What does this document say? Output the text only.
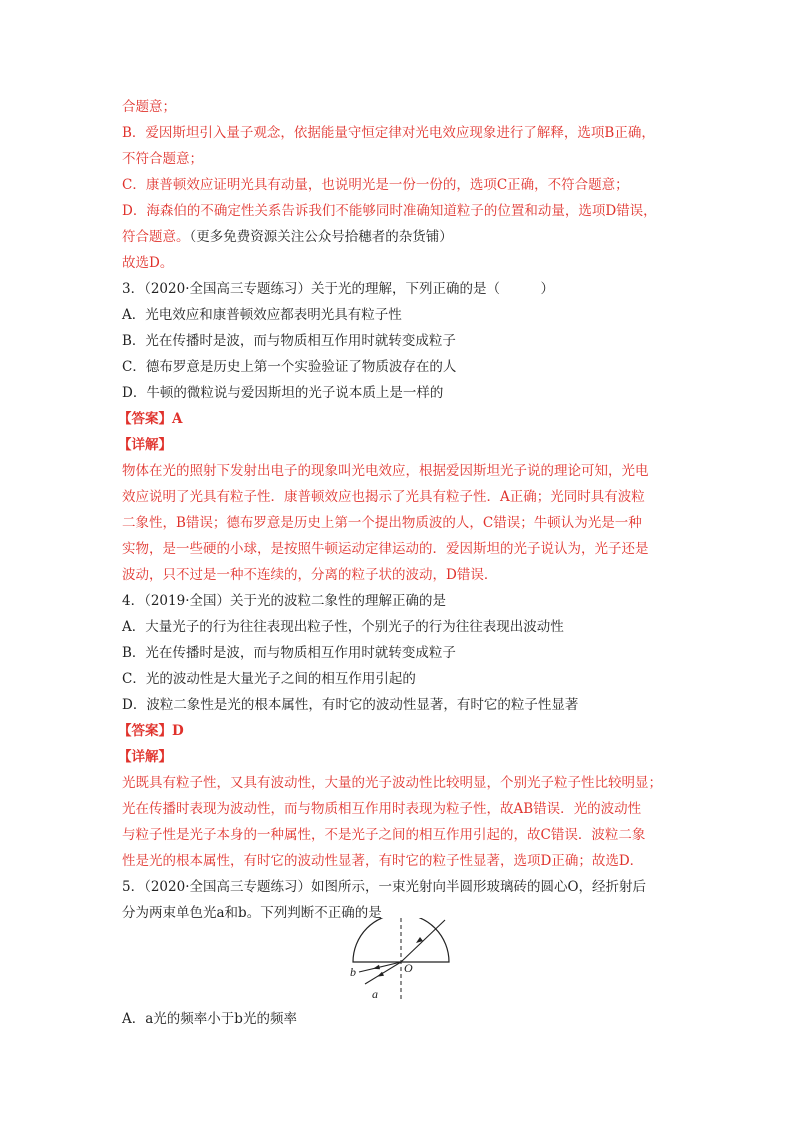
合题意；
B．爱因斯坦引入量子观念，依据能量守恒定律对光电效应现象进行了解释，选项B正确，
不符合题意；
C．康普顿效应证明光具有动量，也说明光是一份一份的，选项C正确，不符合题意；
D．海森伯的不确定性关系告诉我们不能够同时准确知道粒子的位置和动量，选项D错误，
符合题意。（更多免费资源关注公众号拾穗者的杂货铺）
故选D。
3．（2020·全国高三专题练习）关于光的理解，下列正确的是（　　　）
A．光电效应和康普顿效应都表明光具有粒子性
B．光在传播时是波，而与物质相互作用时就转变成粒子
C．德布罗意是历史上第一个实验验证了物质波存在的人
D．牛顿的微粒说与爱因斯坦的光子说本质上是一样的
【答案】A
【详解】
物体在光的照射下发射出电子的现象叫光电效应，根据爱因斯坦光子说的理论可知，光电
效应说明了光具有粒子性．康普顿效应也揭示了光具有粒子性．A正确；光同时具有波粒
二象性，B错误；德布罗意是历史上第一个提出物质波的人，C错误；牛顿认为光是一种
实物，是一些硬的小球，是按照牛顿运动定律运动的．爱因斯坦的光子说认为，光子还是
波动，只不过是一种不连续的，分离的粒子状的波动，D错误．
4．（2019·全国）关于光的波粒二象性的理解正确的是
A．大量光子的行为往往表现出粒子性，个别光子的行为往往表现出波动性
B．光在传播时是波，而与物质相互作用时就转变成粒子
C．光的波动性是大量光子之间的相互作用引起的
D．波粒二象性是光的根本属性，有时它的波动性显著，有时它的粒子性显著
【答案】D
【详解】
光既具有粒子性，又具有波动性，大量的光子波动性比较明显，个别光子粒子性比较明显；
光在传播时表现为波动性，而与物质相互作用时表现为粒子性，故AB错误．光的波动性
与粒子性是光子本身的一种属性，不是光子之间的相互作用引起的，故C错误．波粒二象
性是光的根本属性，有时它的波动性显著，有时它的粒子性显著，选项D正确；故选D．
5．（2020·全国高三专题练习）如图所示，一束光射向半圆形玻璃砖的圆心O，经折射后
分为两束单色光a和b。下列判断不正确的是
O
b
a
A．a光的频率小于b光的频率
